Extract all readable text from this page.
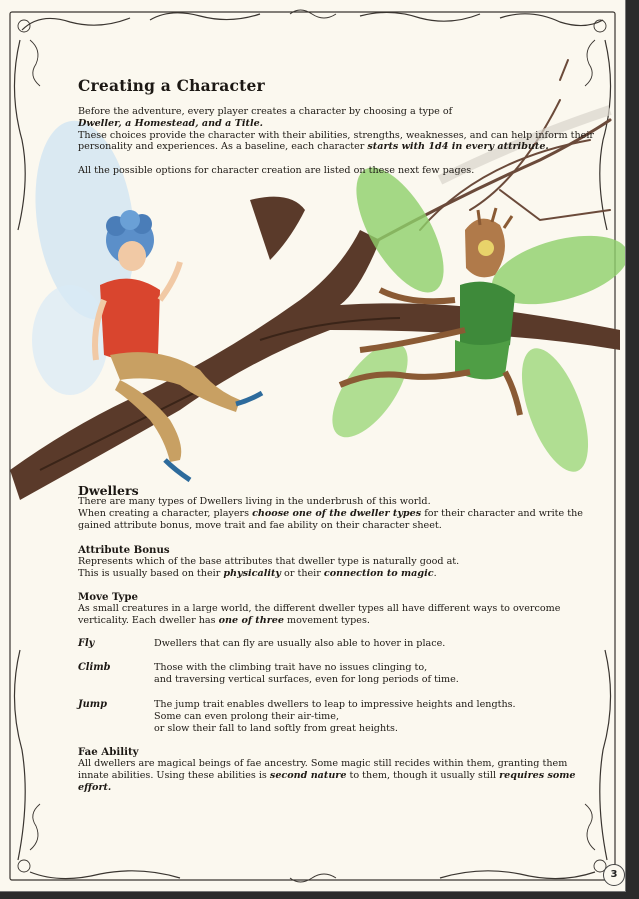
Creating a Character

Before the adventure, every player creates a character by choosing a type of
Dweller, a Homestead, and a Title.
These choices provide the character with their abilities, strengths, weaknesses, and can help inform their
personality and experiences. As a baseline, each character starts with 1d4 in every attribute.

All the possible options for character creation are listed on these next few pages.

Dwellers

There are many types of Dwellers living in the underbrush of this world.
When creating a character, players choose one of the dweller types for their character and write the
gained attribute bonus, move trait and fae ability on their character sheet.

Attribute Bonus

Represents which of the base attributes that dweller type is naturally good at.
This is usually based on their physicality or their connection to magic.

Move Type

As small creatures in a large world, the different dweller types all have different ways to overcome
verticality. Each dweller has one of three movement types.

Fly	Dwellers that can fly are usually also able to hover in place.

Climb	Those with the climbing trait have no issues clinging to,
and traversing vertical surfaces, even for long periods of time.

Jump	The jump trait enables dwellers to leap to impressive heights and lengths.
Some can even prolong their air-time,
or slow their fall to land softly from great heights.

Fae Ability

All dwellers are magical beings of fae ancestry. Some magic still recides within them, granting them
innate abilities. Using these abilities is second nature to them, though it usually still requires some
effort.

3
